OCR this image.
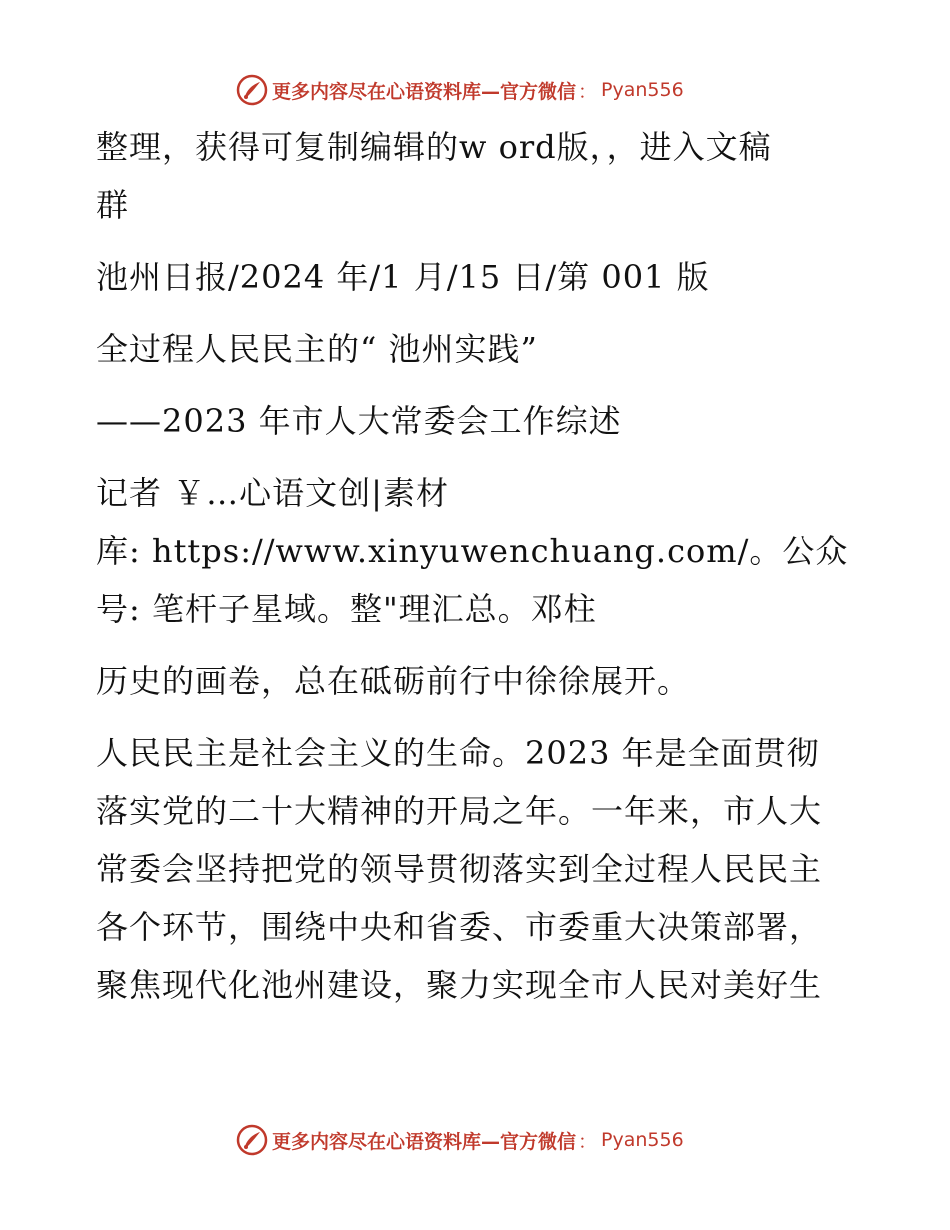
更多内容尽在心语资料库—官方微信 ： Pyan556
整理，获得可复制编辑的w ord版，，进入文稿
群
池州日报/2024 年/1 月/15 日/第 001 版
全过程人民民主的“ 池州实践”
——2023 年市人大常委会工作综述
记者 ￥…心语文创|素材
库: https://www.xinyuwenchuang.com/。公众
号: 笔杆子星域。整"理汇总。邓柱
历史的画卷，总在砥砺前行中徐徐展开。
人民民主是社会主义的生命。2023 年是全面贯彻
落实党的二十大精神的开局之年。一年来，市人大
常委会坚持把党的领导贯彻落实到全过程人民民主
各个环节，围绕中央和省委、市委重大决策部署，
聚焦现代化池州建设，聚力实现全市人民对美好生
更多内容尽在心语资料库—官方微信 ： Pyan556
